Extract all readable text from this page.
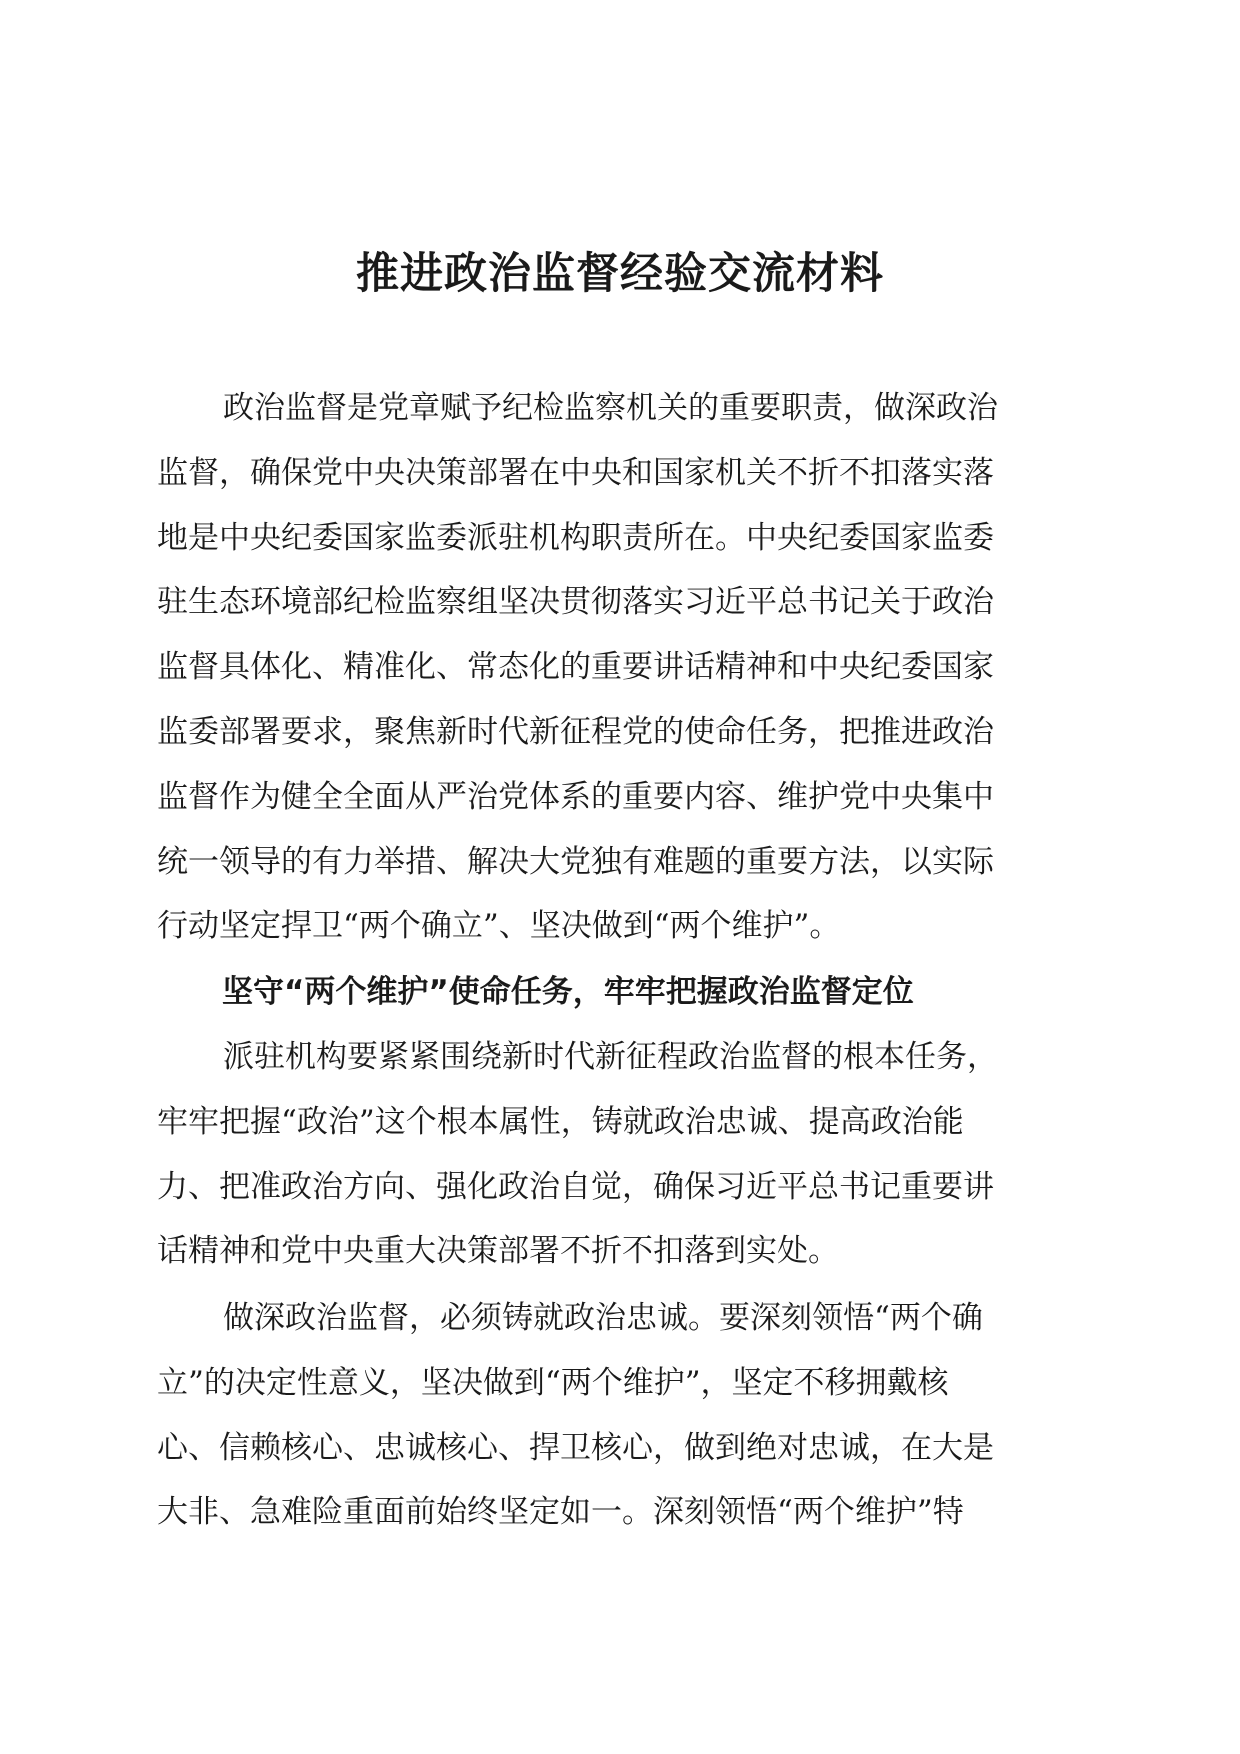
推进政治监督经验交流材料
政治监督是党章赋予纪检监察机关的重要职责，做深政治
监督，确保党中央决策部署在中央和国家机关不折不扣落实落
地是中央纪委国家监委派驻机构职责所在。中央纪委国家监委
驻生态环境部纪检监察组坚决贯彻落实习近平总书记关于政治
监督具体化、精准化、常态化的重要讲话精神和中央纪委国家
监委部署要求，聚焦新时代新征程党的使命任务，把推进政治
监督作为健全全面从严治党体系的重要内容、维护党中央集中
统一领导的有力举措、解决大党独有难题的重要方法，以实际
行动坚定捍卫“两个确立”、坚决做到“两个维护”。
坚守“两个维护”使命任务，牢牢把握政治监督定位
派驻机构要紧紧围绕新时代新征程政治监督的根本任务，
牢牢把握“政治”这个根本属性，铸就政治忠诚、提高政治能
力、把准政治方向、强化政治自觉，确保习近平总书记重要讲
话精神和党中央重大决策部署不折不扣落到实处。
做深政治监督，必须铸就政治忠诚。要深刻领悟“两个确
立”的决定性意义，坚决做到“两个维护”，坚定不移拥戴核
心、信赖核心、忠诚核心、捍卫核心，做到绝对忠诚，在大是
大非、急难险重面前始终坚定如一。深刻领悟“两个维护”特
